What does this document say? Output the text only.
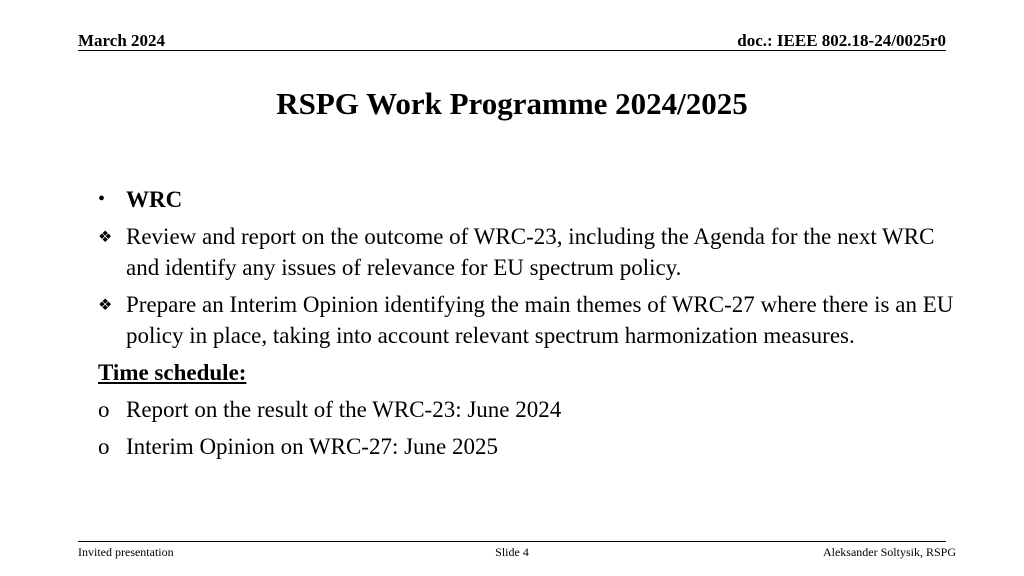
March 2024	doc.: IEEE 802.18-24/0025r0
RSPG Work Programme 2024/2025
• WRC
❖ Review and report on the outcome of WRC-23, including the Agenda for the next WRC and identify any issues of relevance for EU spectrum policy.
❖ Prepare an Interim Opinion identifying the main themes of WRC-27 where there is an EU policy in place, taking into account relevant spectrum harmonization measures.
Time schedule:
o Report on the result of the WRC-23: June 2024
o Interim Opinion on WRC-27: June 2025
Invited presentation	Slide 4	Aleksander Soltysik, RSPG
